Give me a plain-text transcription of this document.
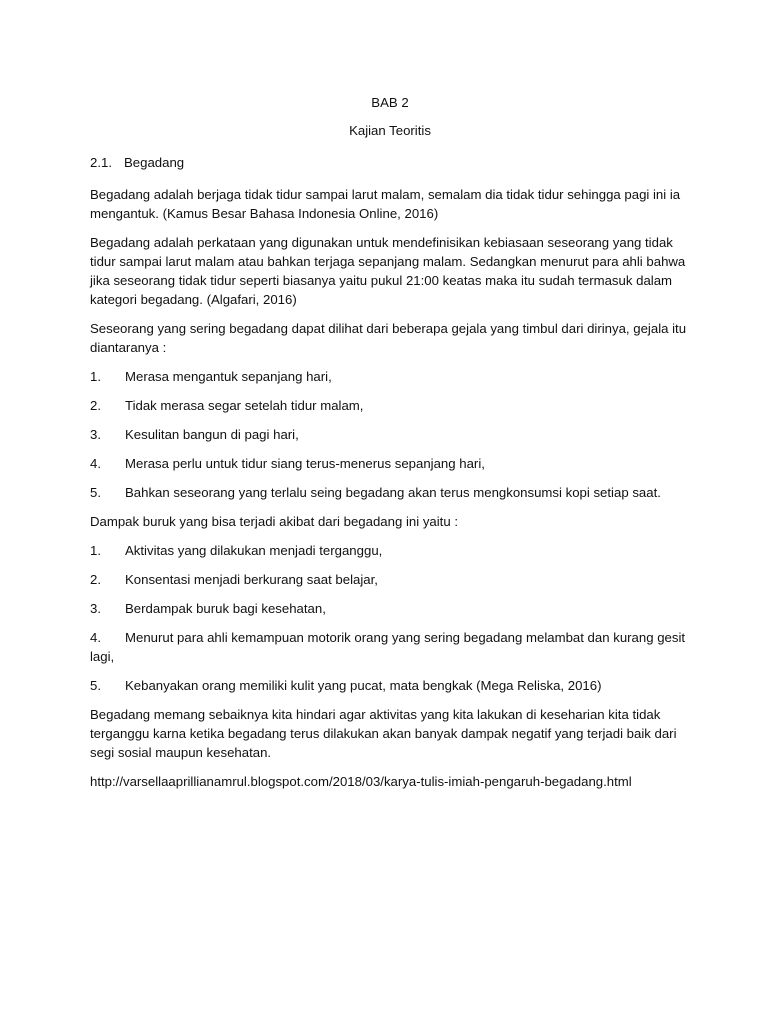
BAB 2
Kajian Teoritis
2.1. Begadang

Begadang adalah berjaga tidak tidur sampai larut malam, semalam dia tidak tidur sehingga pagi ini ia mengantuk. (Kamus Besar Bahasa Indonesia Online, 2016)

Begadang adalah perkataan yang digunakan untuk mendefinisikan kebiasaan seseorang yang tidak tidur sampai larut malam atau bahkan terjaga sepanjang malam. Sedangkan menurut para ahli bahwa jika seseorang tidak tidur seperti biasanya yaitu pukul 21:00 keatas maka itu sudah termasuk dalam kategori begadang. (Algafari, 2016)

Seseorang yang sering begadang dapat dilihat dari beberapa gejala yang timbul dari dirinya, gejala itu diantaranya :

1. Merasa mengantuk sepanjang hari,
2. Tidak merasa segar setelah tidur malam,
3. Kesulitan bangun di pagi hari,
4. Merasa perlu untuk tidur siang terus-menerus sepanjang hari,
5. Bahkan seseorang yang terlalu seing begadang akan terus mengkonsumsi kopi setiap saat.

Dampak buruk yang bisa terjadi akibat dari begadang ini yaitu :

1. Aktivitas yang dilakukan menjadi terganggu,
2. Konsentasi menjadi berkurang saat belajar,
3. Berdampak buruk bagi kesehatan,
4. Menurut para ahli kemampuan motorik orang yang sering begadang melambat dan kurang gesit lagi,
5. Kebanyakan orang memiliki kulit yang pucat, mata bengkak (Mega Reliska, 2016)

Begadang memang sebaiknya kita hindari agar aktivitas yang kita lakukan di keseharian kita tidak terganggu karna ketika begadang terus dilakukan akan banyak dampak negatif yang terjadi baik dari segi sosial maupun kesehatan.

http://varsellaaprillianamrul.blogspot.com/2018/03/karya-tulis-imiah-pengaruh-begadang.html
